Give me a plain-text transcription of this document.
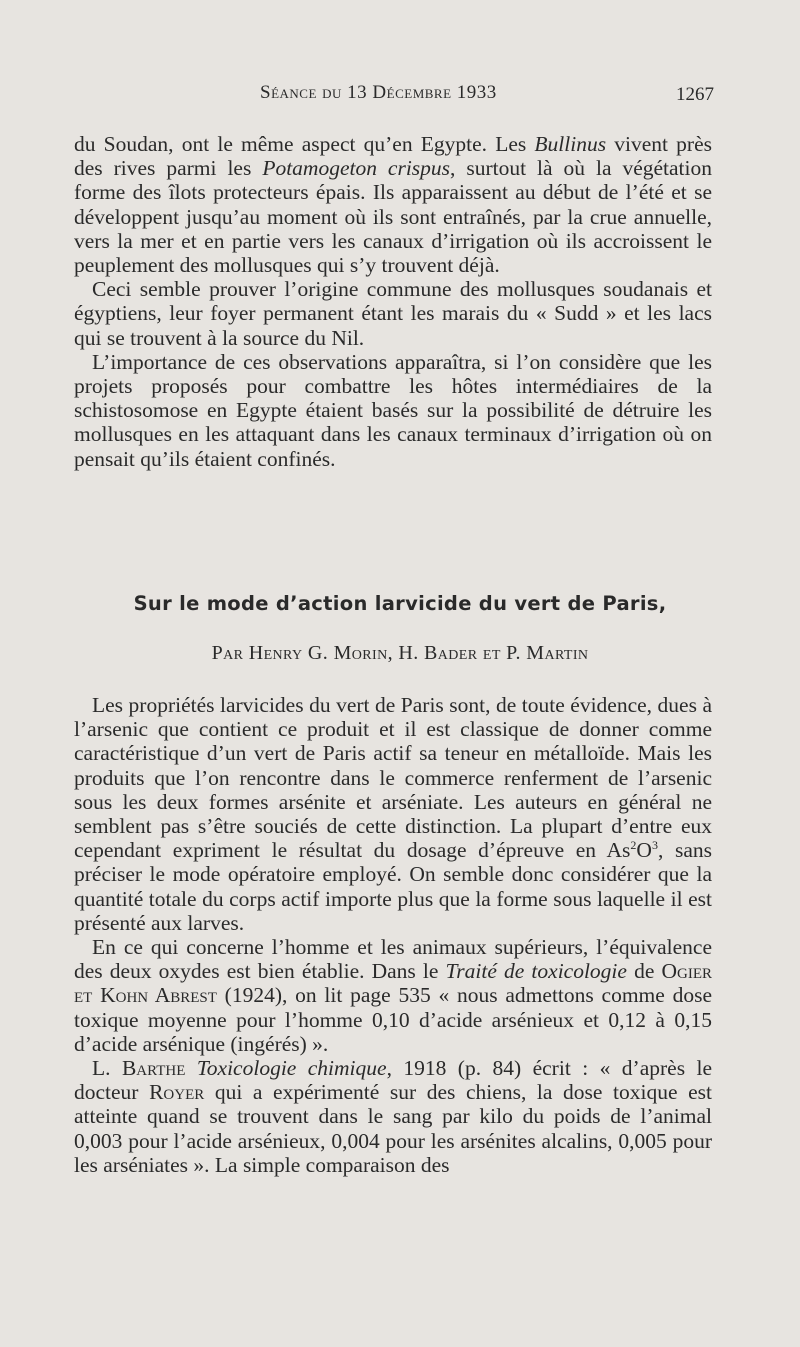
Séance du 13 Décembre 1933	1267

du Soudan, ont le même aspect qu’en Egypte. Les Bullinus vivent près des rives parmi les Potamogeton crispus, surtout là où la végétation forme des îlots protecteurs épais. Ils apparaissent au début de l’été et se développent jusqu’au moment où ils sont entraînés, par la crue annuelle, vers la mer et en partie vers les canaux d’irrigation où ils accroissent le peuplement des mollusques qui s’y trouvent déjà.

Ceci semble prouver l’origine commune des mollusques soudanais et égyptiens, leur foyer permanent étant les marais du « Sudd » et les lacs qui se trouvent à la source du Nil.

L’importance de ces observations apparaîtra, si l’on considère que les projets proposés pour combattre les hôtes intermédiaires de la schistosomose en Egypte étaient basés sur la possibilité de détruire les mollusques en les attaquant dans les canaux terminaux d’irrigation où on pensait qu’ils étaient confinés.

Sur le mode d’action larvicide du vert de Paris,
Par Henry G. Morin, H. Bader et P. Martin

Les propriétés larvicides du vert de Paris sont, de toute évidence, dues à l’arsenic que contient ce produit et il est classique de donner comme caractéristique d’un vert de Paris actif sa teneur en métalloïde. Mais les produits que l’on rencontre dans le commerce renferment de l’arsenic sous les deux formes arsénite et arséniate. Les auteurs en général ne semblent pas s’être souciés de cette distinction. La plupart d’entre eux cependant expriment le résultat du dosage d’épreuve en $As^2O^3$, sans préciser le mode opératoire employé. On semble donc considérer que la quantité totale du corps actif importe plus que la forme sous laquelle il est présenté aux larves.

En ce qui concerne l’homme et les animaux supérieurs, l’équivalence des deux oxydes est bien établie. Dans le Traité de toxicologie de Ogier et Kohn Abrest (1924), on lit page 535 « nous admettons comme dose toxique moyenne pour l’homme 0,10 d’acide arsénieux et 0,12 à 0,15 d’acide arsénique (ingérés) ».

L. Barthe Toxicologie chimique, 1918 (p. 84) écrit : « d’après le docteur Royer qui a expérimenté sur des chiens, la dose toxique est atteinte quand se trouvent dans le sang par kilo du poids de l’animal 0,003 pour l’acide arsénieux, 0,004 pour les arsénites alcalins, 0,005 pour les arséniates ». La simple comparaison des
